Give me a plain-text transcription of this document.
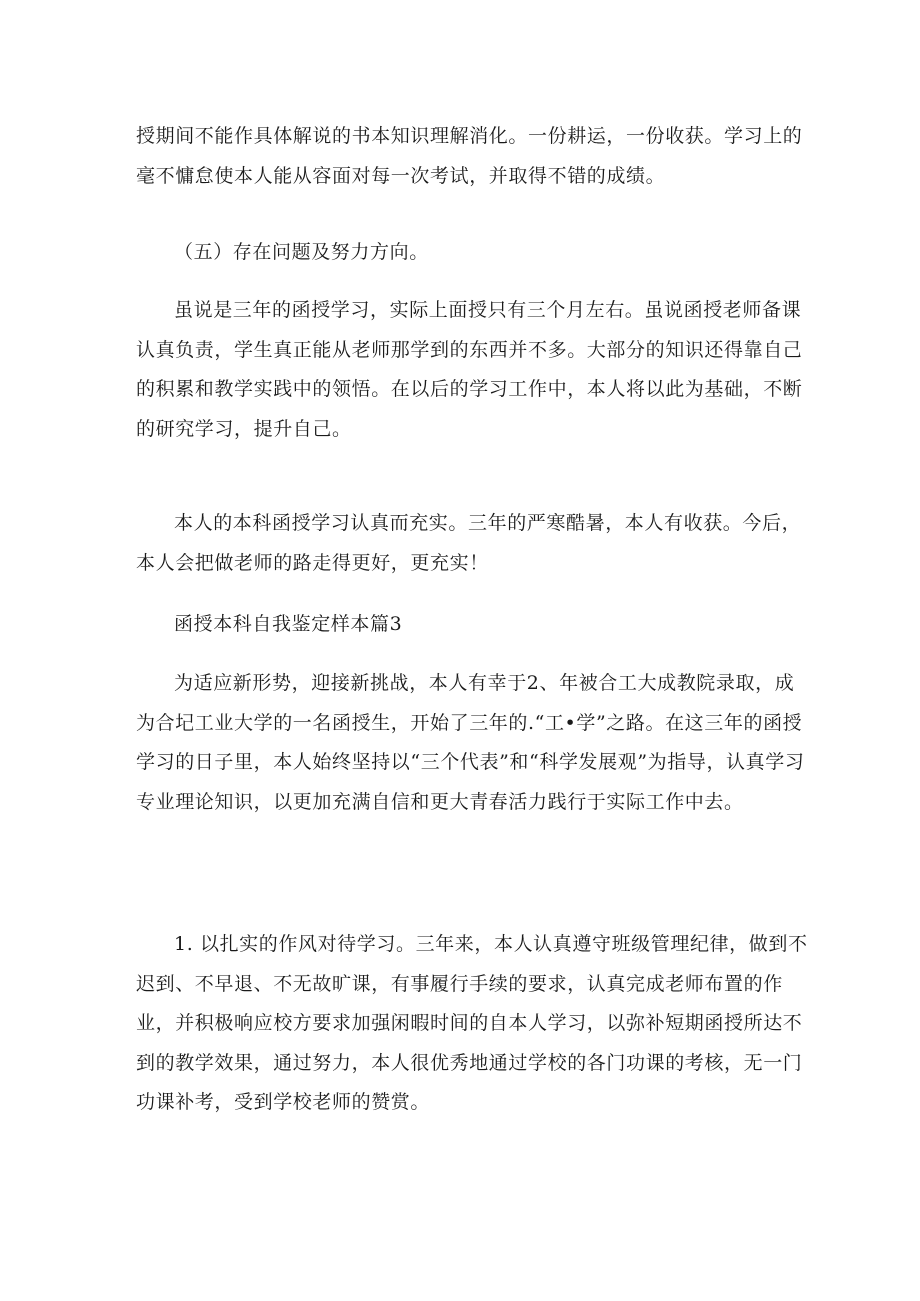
授期间不能作具体解说的书本知识理解消化。一份耕运，一份收获。学习上的毫不慵怠使本人能从容面对每一次考试，并取得不错的成绩。

（五）存在问题及努力方向。

虽说是三年的函授学习，实际上面授只有三个月左右。虽说函授老师备课认真负责，学生真正能从老师那学到的东西并不多。大部分的知识还得靠自己的积累和教学实践中的领悟。在以后的学习工作中，本人将以此为基础，不断的研究学习，提升自己。

本人的本科函授学习认真而充实。三年的严寒酷暑，本人有收获。今后，本人会把做老师的路走得更好，更充实！

函授本科自我鉴定样本篇3

为适应新形势，迎接新挑战，本人有幸于2、年被合工大成教院录取，成为合圮工业大学的一名函授生，开始了三年的.“工•学”之路。在这三年的函授学习的日子里，本人始终坚持以“三个代表”和“科学发展观”为指导，认真学习专业理论知识，以更加充满自信和更大青春活力践行于实际工作中去。

1. 以扎实的作风对待学习。三年来，本人认真遵守班级管理纪律，做到不迟到、不早退、不无故旷课，有事履行手续的要求，认真完成老师布置的作业，并积极响应校方要求加强闲暇时间的自本人学习，以弥补短期函授所达不到的教学效果，通过努力，本人很优秀地通过学校的各门功课的考核，无一门功课补考，受到学校老师的赞赏。
